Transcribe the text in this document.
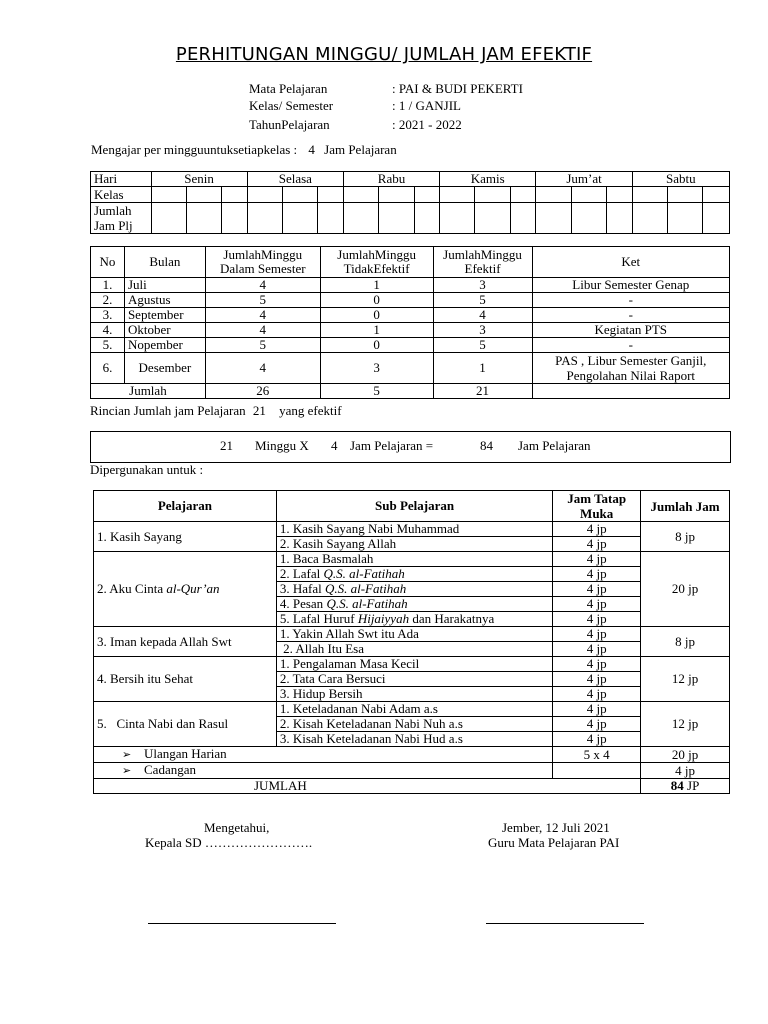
PERHITUNGAN MINGGU/ JUMLAH JAM EFEKTIF
Mata Pelajaran	: PAI & BUDI PEKERTI
Kelas/ Semester	: 1 / GANJIL
TahunPelajaran	: 2021 - 2022
Mengajar per mingguuntuksetiapkelas : 4 Jam Pelajaran
Hari	Senin			Selasa			Rabu			Kamis			Jum’at			Sabtu		
Kelas																		
Jumlah Jam Plj																		
No	Bulan	JumlahMinggu Dalam Semester	JumlahMinggu TidakEfektif	JumlahMinggu Efektif	Ket
1.	Juli	4	1	3	Libur Semester Genap
2.	Agustus	5	0	5	-
3.	September	4	0	4	-
4.	Oktober	4	1	3	Kegiatan PTS
5.	Nopember	5	0	5	-
6.	Desember	4	3	1	PAS , Libur Semester Ganjil, Pengolahan Nilai Raport
Jumlah		26	5	21	
Rincian Jumlah jam Pelajaran 21 yang efektif
21 Minggu X 4 Jam Pelajaran =	84 Jam Pelajaran
Dipergunakan untuk :
Pelajaran	Sub Pelajaran	Jam Tatap Muka	Jumlah Jam
1. Kasih Sayang	1. Kasih Sayang Nabi Muhammad	4 jp	8 jp
	2. Kasih Sayang Allah	4 jp	
2. Aku Cinta al-Qur’an	1. Baca Basmalah	4 jp	20 jp
	2. Lafal Q.S. al-Fatihah	4 jp	
	3. Hafal Q.S. al-Fatihah	4 jp	
	4. Pesan Q.S. al-Fatihah	4 jp	
	5. Lafal Huruf Hijaiyyah dan Harakatnya	4 jp	
3. Iman kepada Allah Swt	1. Yakin Allah Swt itu Ada	4 jp	8 jp
	2. Allah Itu Esa	4 jp	
4. Bersih itu Sehat	1. Pengalaman Masa Kecil	4 jp	12 jp
	2. Tata Cara Bersuci	4 jp	
	3. Hidup Bersih	4 jp	
5.   Cinta Nabi dan Rasul	1. Keteladanan Nabi Adam a.s	4 jp	12 jp
	2. Kisah Keteladanan Nabi Nuh a.s	4 jp	
	3. Kisah Keteladanan Nabi Hud a.s	4 jp	
➢ Ulangan Harian		5 x 4	20 jp
➢ Cadangan			4 jp
JUMLAH			84 JP
Mengetahui,
Kepala SD …………………….
Jember, 12 Juli 2021
Guru Mata Pelajaran PAI
